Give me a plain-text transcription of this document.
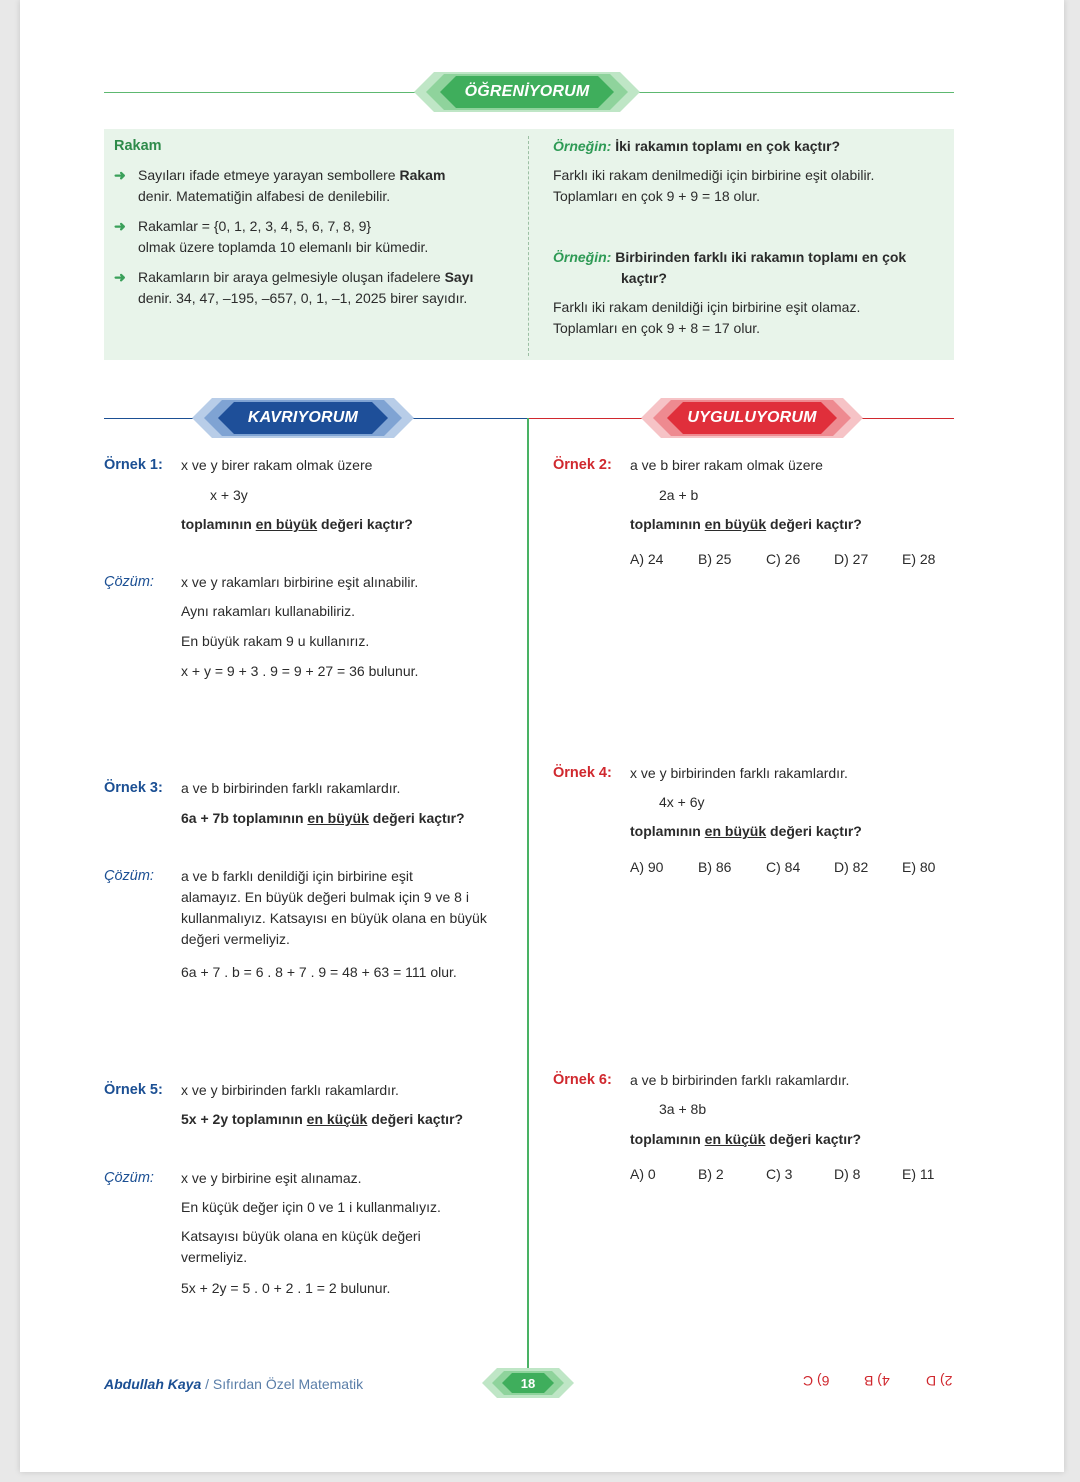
ÖĞRENİYORUM
Rakam
➜ Sayıları ifade etmeye yarayan sembollere Rakam
denir. Matematiğin alfabesi de denilebilir.
➜ Rakamlar = {0, 1, 2, 3, 4, 5, 6, 7, 8, 9}
olmak üzere toplamda 10 elemanlı bir kümedir.
➜ Rakamların bir araya gelmesiyle oluşan ifadelere Sayı
denir. 34, 47, –195, –657, 0, 1, –1, 2025 birer sayıdır.
Örneğin: İki rakamın toplamı en çok kaçtır?
Farklı iki rakam denilmediği için birbirine eşit olabilir.
Toplamları en çok 9 + 9 = 18 olur.
Örneğin: Birbirinden farklı iki rakamın toplamı en çok
kaçtır?
Farklı iki rakam denildiği için birbirine eşit olamaz.
Toplamları en çok 9 + 8 = 17 olur.
KAVRIYORUM	UYGULUYORUM
Örnek 1: x ve y birer rakam olmak üzere
x + 3y
toplamının en büyük değeri kaçtır?
Çözüm: x ve y rakamları birbirine eşit alınabilir.
Aynı rakamları kullanabiliriz.
En büyük rakam 9 u kullanırız.
x + y = 9 + 3 . 9 = 9 + 27 = 36 bulunur.
Örnek 3: a ve b birbirinden farklı rakamlardır.
6a + 7b toplamının en büyük değeri kaçtır?
Çözüm: a ve b farklı denildiği için birbirine eşit
alamayız. En büyük değeri bulmak için 9 ve 8 i
kullanmalıyız. Katsayısı en büyük olana en büyük
değeri vermeliyiz.
6a + 7 . b = 6 . 8 + 7 . 9 = 48 + 63 = 111 olur.
Örnek 5: x ve y birbirinden farklı rakamlardır.
5x + 2y toplamının en küçük değeri kaçtır?
Çözüm: x ve y birbirine eşit alınamaz.
En küçük değer için 0 ve 1 i kullanmalıyız.
Katsayısı büyük olana en küçük değeri
vermeliyiz.
5x + 2y = 5 . 0 + 2 . 1 = 2 bulunur.
Örnek 2: a ve b birer rakam olmak üzere
2a + b
toplamının en büyük değeri kaçtır?
A) 24	B) 25	C) 26	D) 27	E) 28
Örnek 4: x ve y birbirinden farklı rakamlardır.
4x + 6y
toplamının en büyük değeri kaçtır?
A) 90	B) 86	C) 84	D) 82	E) 80
Örnek 6: a ve b birbirinden farklı rakamlardır.
3a + 8b
toplamının en küçük değeri kaçtır?
A) 0	B) 2	C) 3	D) 8	E) 11
Abdullah Kaya / Sıfırdan Özel Matematik	18	6) C 4) B	2) D
